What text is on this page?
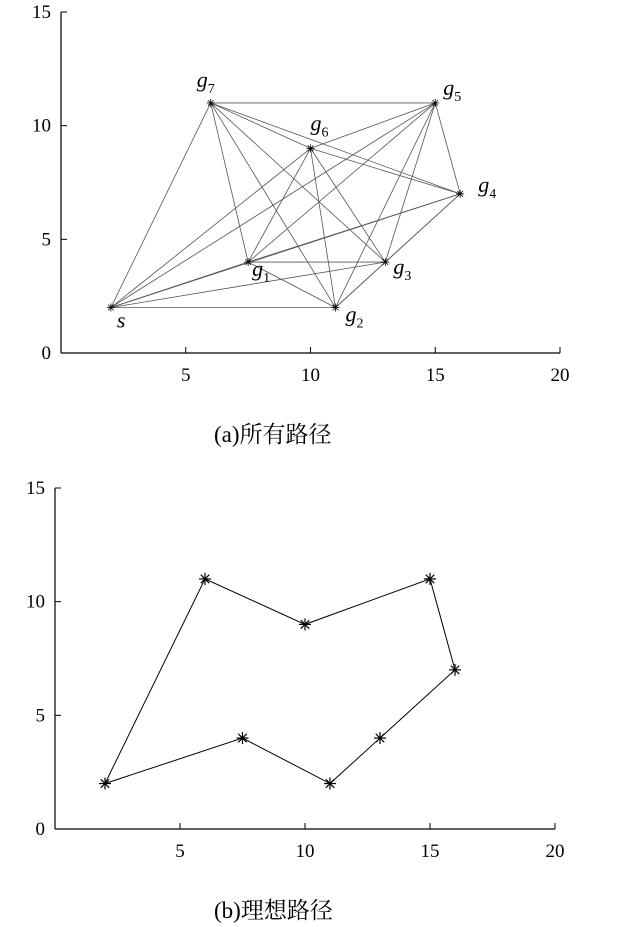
0
5
10
15
5	10	15	20
s
$g_1$
$g_2$
$g_3$
$g_4$
$g_5$
$g_6$
$g_7$
(a)所有路径
0
5
10
15
5	10	15	20
(b)理想路径
